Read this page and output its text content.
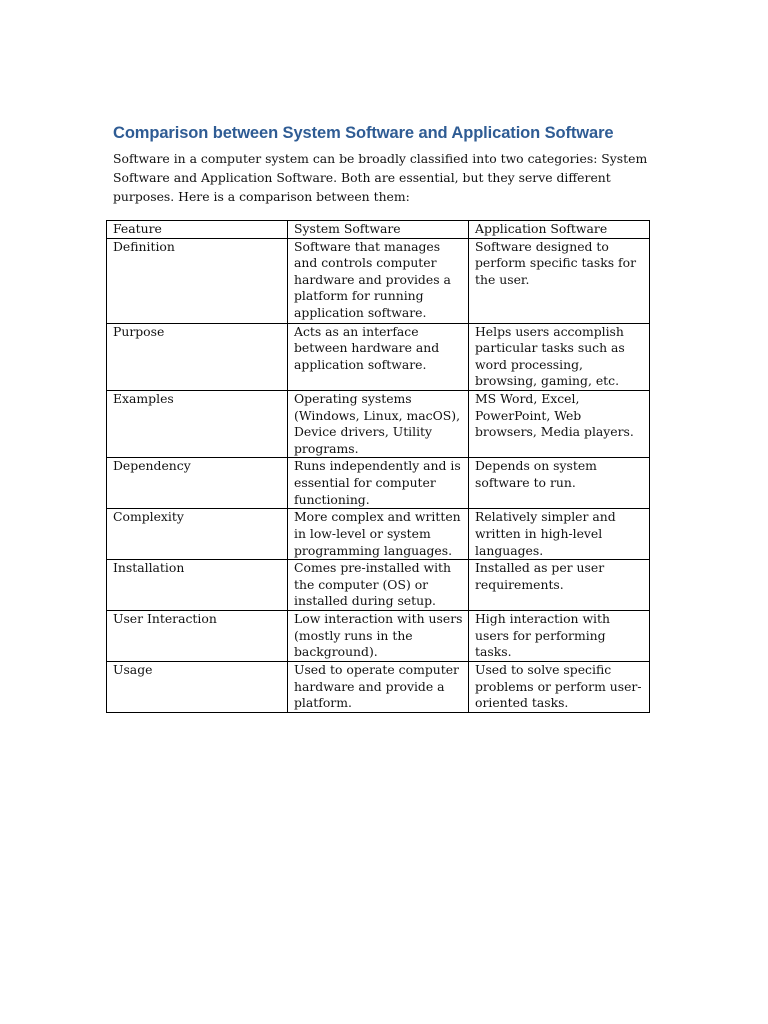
Comparison between System Software and Application Software

Software in a computer system can be broadly classified into two categories: System Software and Application Software. Both are essential, but they serve different purposes. Here is a comparison between them:

Feature	System Software	Application Software
Definition	Software that manages and controls computer hardware and provides a platform for running application software.	Software designed to perform specific tasks for the user.
Purpose	Acts as an interface between hardware and application software.	Helps users accomplish particular tasks such as word processing, browsing, gaming, etc.
Examples	Operating systems (Windows, Linux, macOS), Device drivers, Utility programs.	MS Word, Excel, PowerPoint, Web browsers, Media players.
Dependency	Runs independently and is essential for computer functioning.	Depends on system software to run.
Complexity	More complex and written in low-level or system programming languages.	Relatively simpler and written in high-level languages.
Installation	Comes pre-installed with the computer (OS) or installed during setup.	Installed as per user requirements.
User Interaction	Low interaction with users (mostly runs in the background).	High interaction with users for performing tasks.
Usage	Used to operate computer hardware and provide a platform.	Used to solve specific problems or perform user-oriented tasks.
